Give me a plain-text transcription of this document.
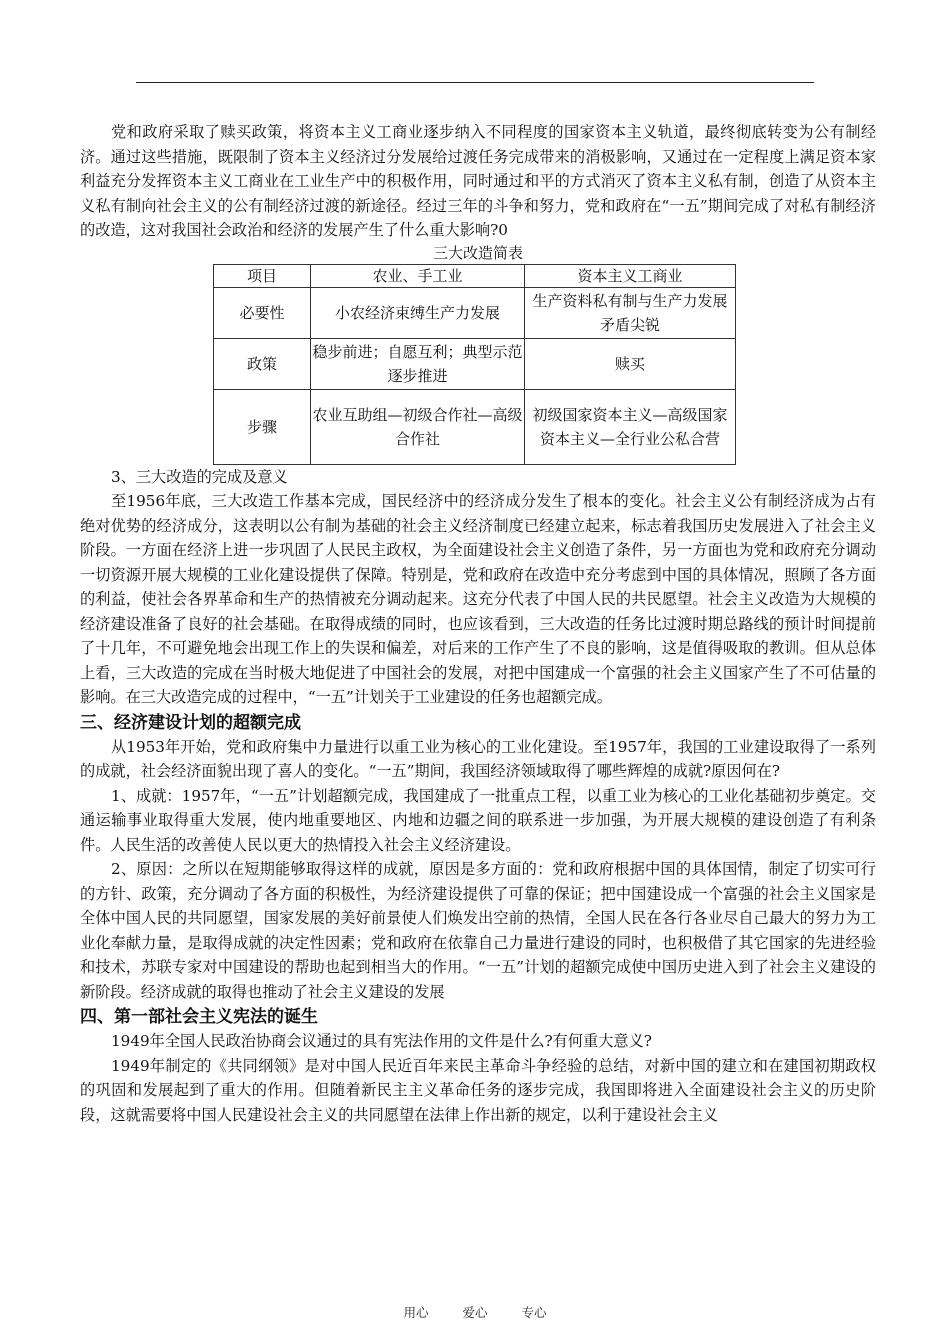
党和政府采取了赎买政策，将资本主义工商业逐步纳入不同程度的国家资本主义轨道，最终彻底转变为公有制经济。通过这些措施，既限制了资本主义经济过分发展给过渡任务完成带来的消极影响，又通过在一定程度上满足资本家利益充分发挥资本主义工商业在工业生产中的积极作用，同时通过和平的方式消灭了资本主义私有制，创造了从资本主义私有制向社会主义的公有制经济过渡的新途径。经过三年的斗争和努力，党和政府在“一五”期间完成了对私有制经济的改造，这对我国社会政治和经济的发展产生了什么重大影响?0

三大改造简表
项目	农业、手工业	资本主义工商业
必要性	小农经济束缚生产力发展	生产资料私有制与生产力发展矛盾尖锐
政策	稳步前进；自愿互利；典型示范逐步推进	赎买
步骤	农业互助组—初级合作社—高级合作社	初级国家资本主义—高级国家资本主义—全行业公私合营

3、三大改造的完成及意义

至1956年底，三大改造工作基本完成，国民经济中的经济成分发生了根本的变化。社会主义公有制经济成为占有绝对优势的经济成分，这表明以公有制为基础的社会主义经济制度已经建立起来，标志着我国历史发展进入了社会主义阶段。一方面在经济上进一步巩固了人民民主政权，为全面建设社会主义创造了条件，另一方面也为党和政府充分调动一切资源开展大规模的工业化建设提供了保障。特别是，党和政府在改造中充分考虑到中国的具体情况，照顾了各方面的利益，使社会各界革命和生产的热情被充分调动起来。这充分代表了中国人民的共民愿望。社会主义改造为大规模的经济建设准备了良好的社会基础。在取得成绩的同时，也应该看到，三大改造的任务比过渡时期总路线的预计时间提前了十几年，不可避免地会出现工作上的失误和偏差，对后来的工作产生了不良的影响，这是值得吸取的教训。但从总体上看，三大改造的完成在当时极大地促进了中国社会的发展，对把中国建成一个富强的社会主义国家产生了不可估量的影响。在三大改造完成的过程中，“一五”计划关于工业建设的任务也超额完成。

三、经济建设计划的超额完成

从1953年开始，党和政府集中力量进行以重工业为核心的工业化建设。至1957年，我国的工业建设取得了一系列的成就，社会经济面貌出现了喜人的变化。“一五”期间，我国经济领域取得了哪些辉煌的成就?原因何在?

1、成就：1957年，“一五”计划超额完成，我国建成了一批重点工程，以重工业为核心的工业化基础初步奠定。交通运输事业取得重大发展，使内地重要地区、内地和边疆之间的联系进一步加强，为开展大规模的建设创造了有利条件。人民生活的改善使人民以更大的热情投入社会主义经济建设。

2、原因：之所以在短期能够取得这样的成就，原因是多方面的：党和政府根据中国的具体国情，制定了切实可行的方针、政策，充分调动了各方面的积极性，为经济建设提供了可靠的保证；把中国建设成一个富强的社会主义国家是全体中国人民的共同愿望，国家发展的美好前景使人们焕发出空前的热情，全国人民在各行各业尽自己最大的努力为工业化奉献力量，是取得成就的决定性因素；党和政府在依靠自己力量进行建设的同时，也积极借了其它国家的先进经验和技术，苏联专家对中国建设的帮助也起到相当大的作用。“一五”计划的超额完成使中国历史进入到了社会主义建设的新阶段。经济成就的取得也推动了社会主义建设的发展

四、第一部社会主义宪法的诞生

1949年全国人民政治协商会议通过的具有宪法作用的文件是什么?有何重大意义?

1949年制定的《共同纲领》是对中国人民近百年来民主革命斗争经验的总结，对新中国的建立和在建国初期政权的巩固和发展起到了重大的作用。但随着新民主主义革命任务的逐步完成，我国即将进入全面建设社会主义的历史阶段，这就需要将中国人民建设社会主义的共同愿望在法律上作出新的规定，以利于建设社会主义

用心	爱心	专心
